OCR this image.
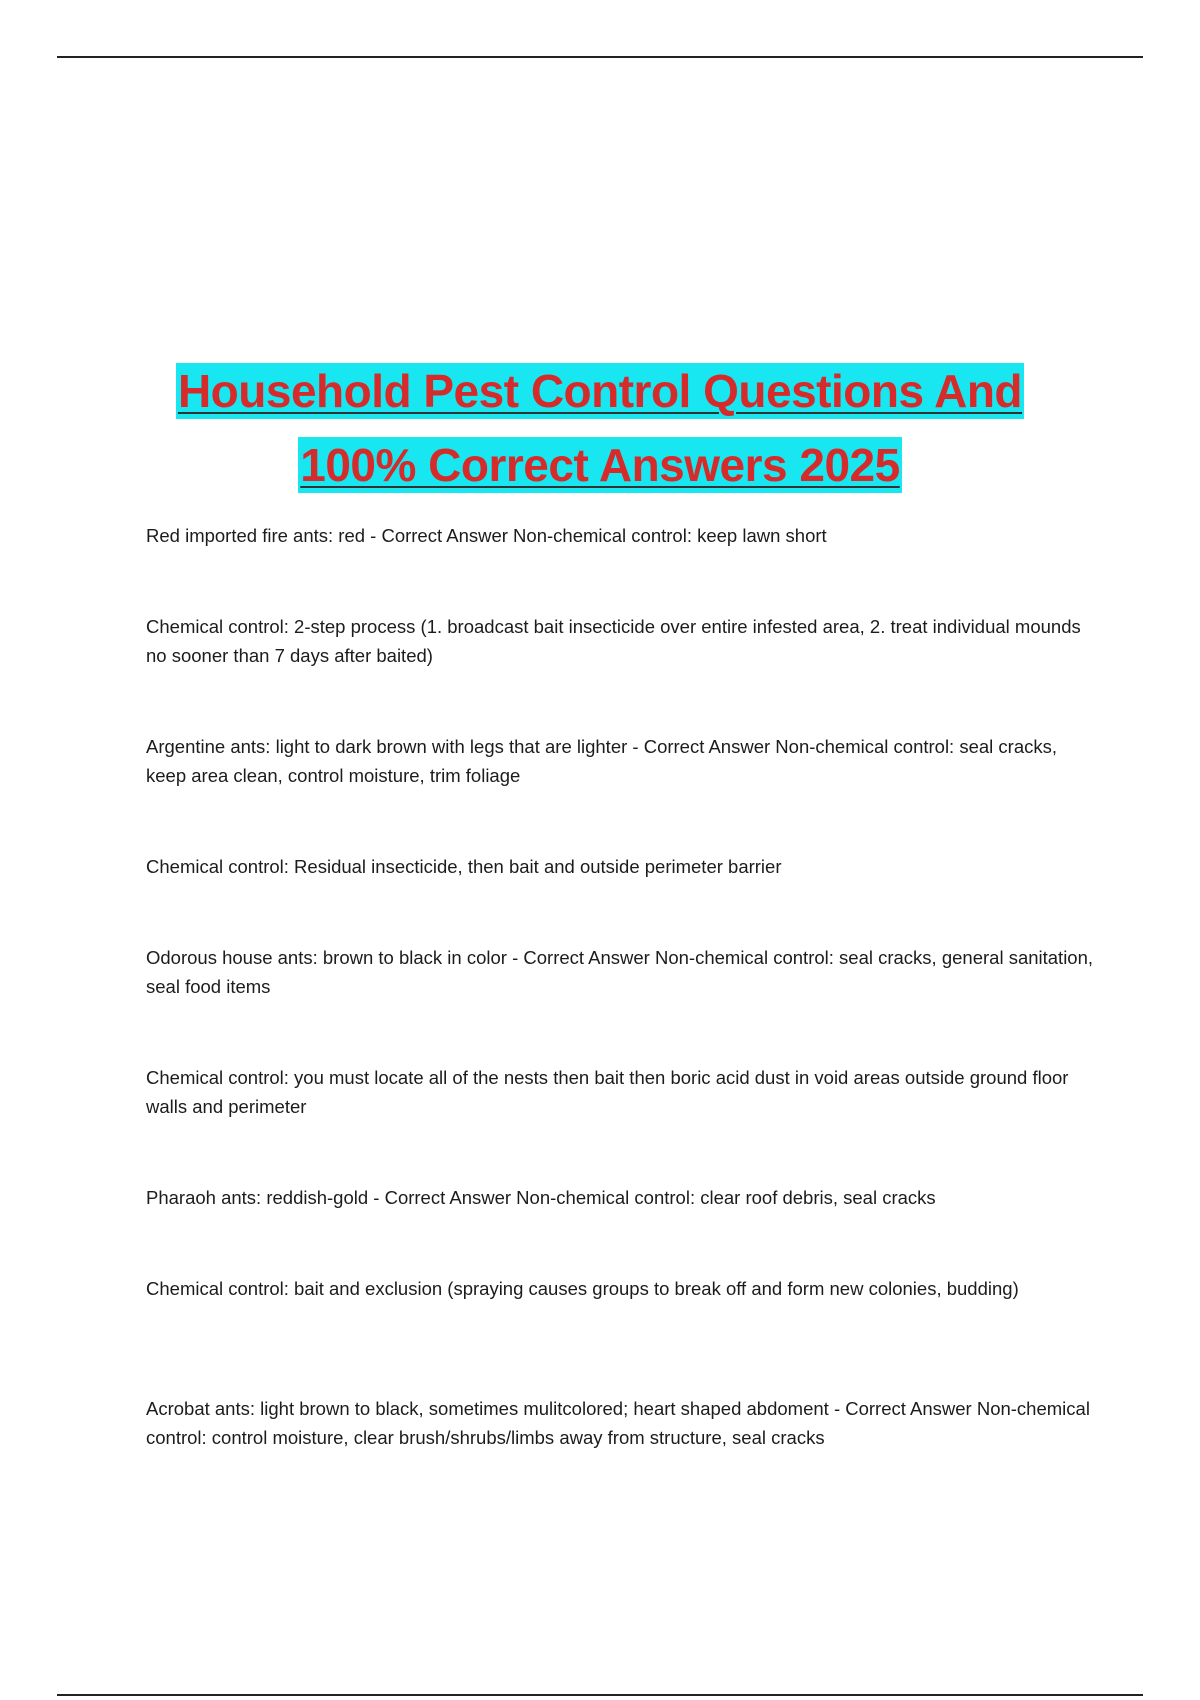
Household Pest Control Questions And
100% Correct Answers 2025

Red imported fire ants: red - Correct Answer Non-chemical control: keep lawn short

Chemical control: 2-step process (1. broadcast bait insecticide over entire infested area, 2. treat individual mounds no sooner than 7 days after baited)

Argentine ants: light to dark brown with legs that are lighter - Correct Answer Non-chemical control: seal cracks, keep area clean, control moisture, trim foliage

Chemical control: Residual insecticide, then bait and outside perimeter barrier

Odorous house ants: brown to black in color - Correct Answer Non-chemical control: seal cracks, general sanitation, seal food items

Chemical control: you must locate all of the nests then bait then boric acid dust in void areas outside ground floor walls and perimeter

Pharaoh ants: reddish-gold - Correct Answer Non-chemical control: clear roof debris, seal cracks

Chemical control: bait and exclusion (spraying causes groups to break off and form new colonies, budding)

Acrobat ants: light brown to black, sometimes mulitcolored; heart shaped abdoment - Correct Answer Non-chemical control: control moisture, clear brush/shrubs/limbs away from structure, seal cracks
